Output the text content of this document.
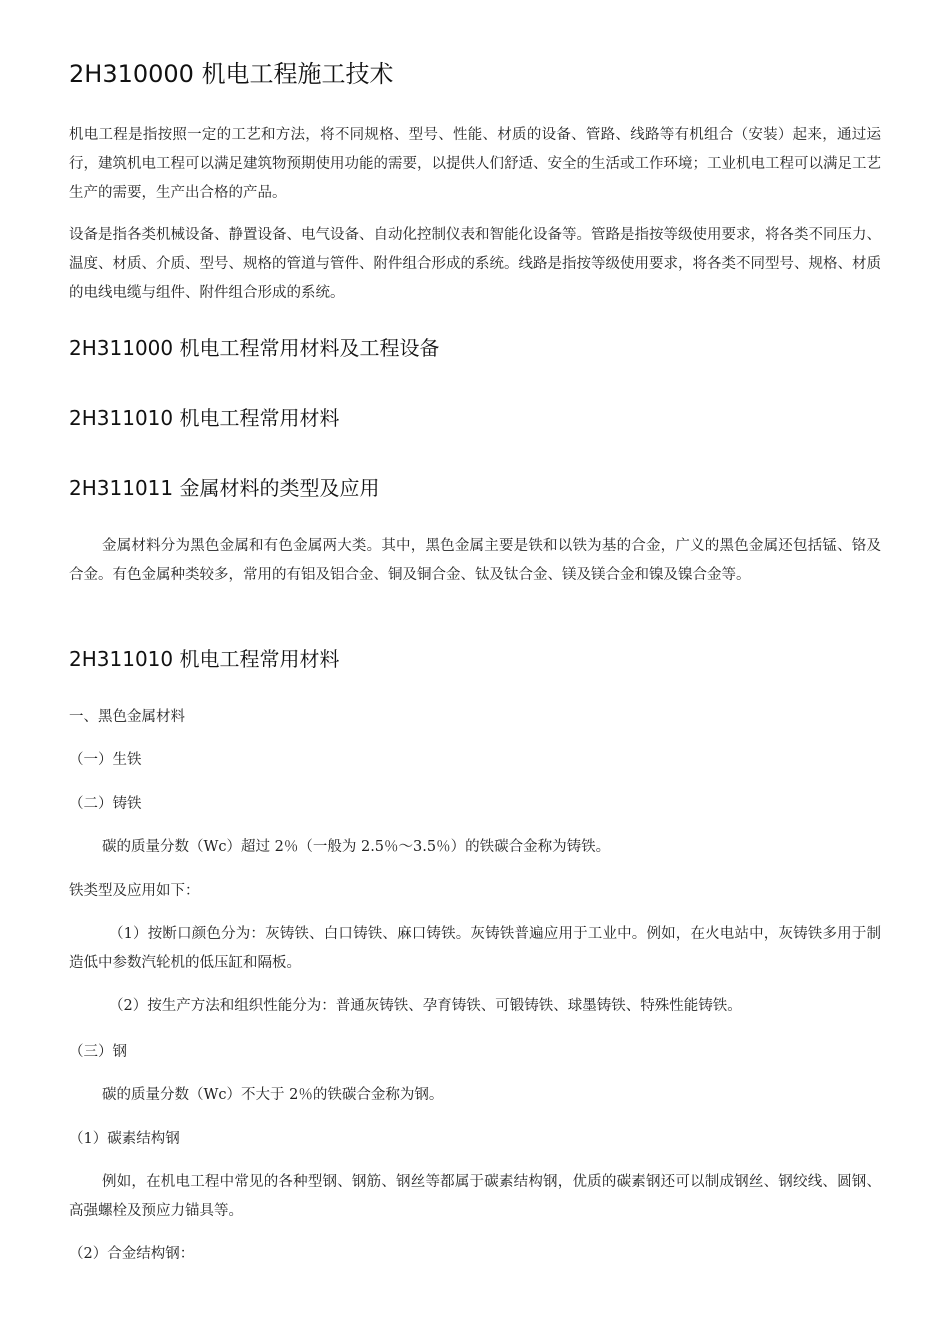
2H310000 机电工程施工技术

机电工程是指按照一定的工艺和方法，将不同规格、型号、性能、材质的设备、管路、线路等有机组合（安装）起来，通过运行，建筑机电工程可以满足建筑物预期使用功能的需要，以提供人们舒适、安全的生活或工作环境；工业机电工程可以满足工艺生产的需要，生产出合格的产品。

设备是指各类机械设备、静置设备、电气设备、自动化控制仪表和智能化设备等。管路是指按等级使用要求，将各类不同压力、温度、材质、介质、型号、规格的管道与管件、附件组合形成的系统。线路是指按等级使用要求，将各类不同型号、规格、材质的电线电缆与组件、附件组合形成的系统。

2H311000 机电工程常用材料及工程设备
2H311010 机电工程常用材料
2H311011 金属材料的类型及应用

金属材料分为黑色金属和有色金属两大类。其中，黑色金属主要是铁和以铁为基的合金，广义的黑色金属还包括锰、铬及合金。有色金属种类较多，常用的有铝及铝合金、铜及铜合金、钛及钛合金、镁及镁合金和镍及镍合金等。

2H311010 机电工程常用材料

一、黑色金属材料

（一）生铁

（二）铸铁

碳的质量分数（Wc）超过 2％（一般为 2.5％～3.5％）的铁碳合金称为铸铁。

铁类型及应用如下：

（1）按断口颜色分为：灰铸铁、白口铸铁、麻口铸铁。灰铸铁普遍应用于工业中。例如，在火电站中，灰铸铁多用于制造低中参数汽轮机的低压缸和隔板。

（2）按生产方法和组织性能分为：普通灰铸铁、孕育铸铁、可锻铸铁、球墨铸铁、特殊性能铸铁。

（三）钢

碳的质量分数（Wc）不大于 2％的铁碳合金称为钢。

（1）碳素结构钢

例如，在机电工程中常见的各种型钢、钢筋、钢丝等都属于碳素结构钢，优质的碳素钢还可以制成钢丝、钢绞线、圆钢、高强螺栓及预应力锚具等。

（2）合金结构钢：
